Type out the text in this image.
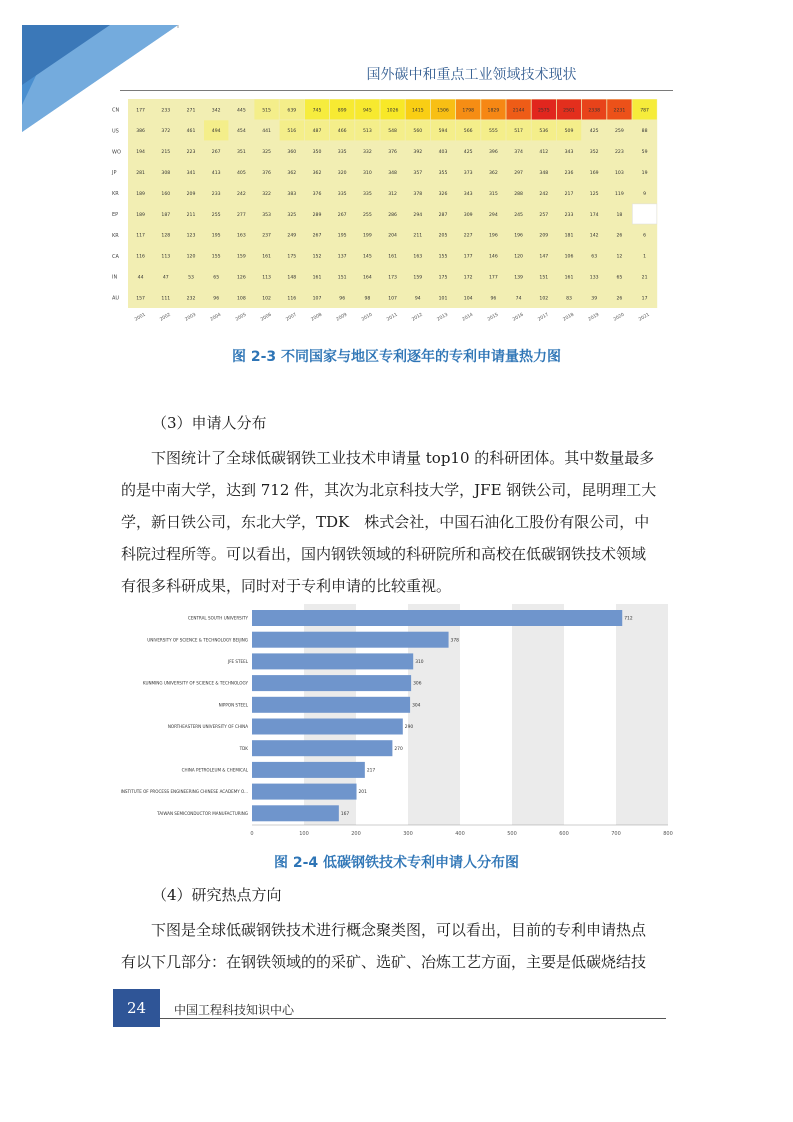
国外碳中和重点工业领域技术现状
CN	177	233	271	342	445	515	639	745	899	945	1026	1415	1506	1798	1829	2144	2575	2501	2338	2231	787
US	386	372	461	494	454	441	516	487	466	513	548	560	594	566	555	517	536	509	425	259	88
WO	194	215	223	267	351	325	360	350	335	332	376	392	403	425	396	374	412	343	352	223	59
JP	281	308	341	413	405	376	362	362	320	310	348	357	355	373	362	297	348	236	169	103	19
KR	189	160	209	233	242	322	383	376	335	335	312	378	326	343	315	288	242	217	125	119	9
EP	189	187	211	255	277	353	325	289	267	255	286	294	287	309	294	245	257	233	174	18
KR	117	128	123	195	163	237	249	267	195	199	204	211	205	227	196	196	209	181	142	26	6
CA	116	113	120	155	159	161	175	152	137	145	161	163	155	177	146	120	147	106	63	12	1
IN	44	47	53	65	126	113	148	161	151	164	173	159	175	172	177	139	151	161	133	65	21
AU	157	111	232	96	108	102	116	107	96	98	107	94	101	104	96	74	102	83	39	26	17
2001	2002	2003	2004	2005	2006	2007	2008	2009	2010	2011	2012	2013	2014	2015	2016	2017	2018	2019	2020	2021
图 2-3 不同国家与地区专利逐年的专利申请量热力图

（3）申请人分布

下图统计了全球低碳钢铁工业技术申请量 top10 的科研团体。其中数量最多

的是中南大学，达到 712 件，其次为北京科技大学，JFE 钢铁公司，昆明理工大

学，新日铁公司，东北大学，TDK　株式会社，中国石油化工股份有限公司，中

科院过程所等。可以看出，国内钢铁领域的科研院所和高校在低碳钢铁技术领域

有很多科研成果，同时对于专利申请的比较重视。

0	100	200	300	400	500	600	700	800
CENTRAL SOUTH UNIVERSITY	712
UNIVERSITY OF SCIENCE & TECHNOLOGY BEIJING	378
JFE STEEL	310
KUNMING UNIVERSITY OF SCIENCE & TECHNOLOGY	306
NIPPON STEEL	304
NORTHEASTERN UNIVERSITY OF CHINA	290
TDK	270
CHINA PETROLEUM & CHEMICAL	217
INSTITUTE OF PROCESS ENGINEERING CHINESE ACADEMY O...	201
TAIWAN SEMICONDUCTOR MANUFACTURING	167
图 2-4 低碳钢铁技术专利申请人分布图

（4）研究热点方向

下图是全球低碳钢铁技术进行概念聚类图，可以看出，目前的专利申请热点

有以下几部分：在钢铁领域的的采矿、选矿、冶炼工艺方面，主要是低碳烧结技

24	中国工程科技知识中心
